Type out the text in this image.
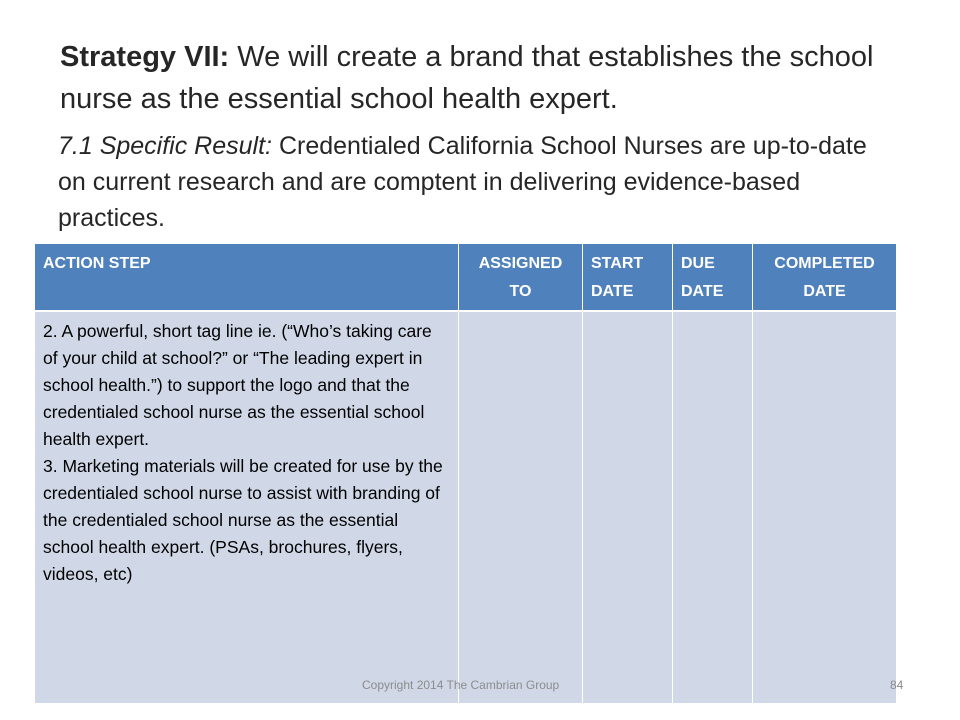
Strategy VII: We will create a brand that establishes the school nurse as the essential school health expert.
7.1 Specific Result: Credentialed California School Nurses are up-to-date on current research and are comptent in delivering evidence-based practices.
ACTION STEP	ASSIGNED TO	START DATE	DUE DATE	COMPLETED DATE

2. A powerful, short tag line ie. (“Who’s taking care of your child at school?” or “The leading expert in school health.”) to support the logo and that the credentialed school nurse as the essential school health expert.
3. Marketing materials will be created for use by the credentialed school nurse to assist with branding of the credentialed school nurse as the essential school health expert. (PSAs, brochures, flyers, videos, etc)				

Copyright 2014 The Cambrian Group	84
